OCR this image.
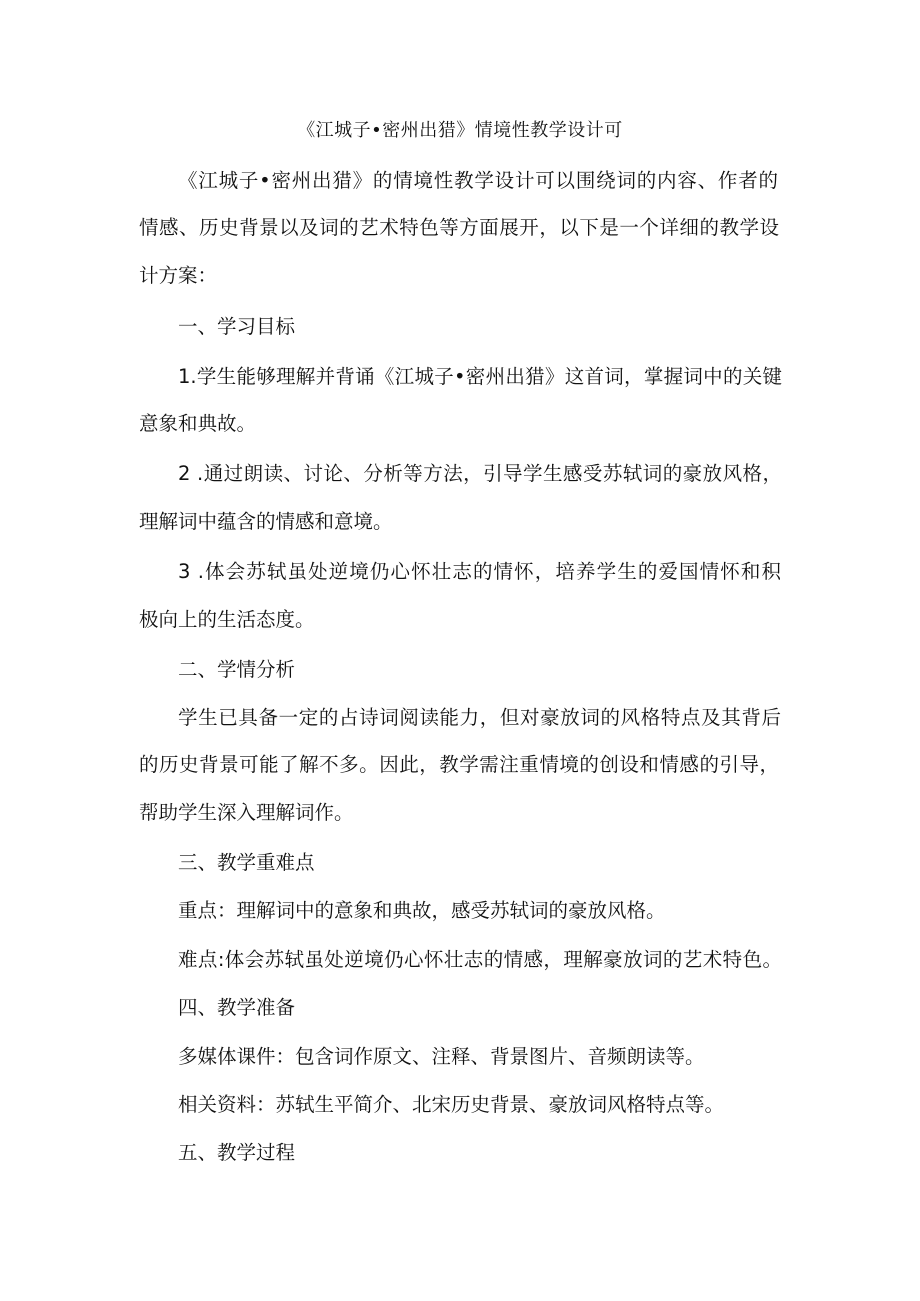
《江城子•密州出猎》情境性教学设计可
《江城子•密州出猎》的情境性教学设计可以围绕词的内容、作者的
情感、历史背景以及词的艺术特色等方面展开，以下是一个详细的教学设
计方案：
一、学习目标
1.学生能够理解并背诵《江城子•密州出猎》这首词，掌握词中的关键
意象和典故。
2 .通过朗读、讨论、分析等方法，引导学生感受苏轼词的豪放风格，
理解词中蕴含的情感和意境。
3 .体会苏轼虽处逆境仍心怀壮志的情怀，培养学生的爱国情怀和积
极向上的生活态度。
二、学情分析
学生已具备一定的占诗词阅读能力，但对豪放词的风格特点及其背后
的历史背景可能了解不多。因此，教学需注重情境的创设和情感的引导，
帮助学生深入理解词作。
三、教学重难点
重点：理解词中的意象和典故，感受苏轼词的豪放风格。
难点:体会苏轼虽处逆境仍心怀壮志的情感，理解豪放词的艺术特色。
四、教学准备
多媒体课件：包含词作原文、注释、背景图片、音频朗读等。
相关资料：苏轼生平简介、北宋历史背景、豪放词风格特点等。
五、教学过程
